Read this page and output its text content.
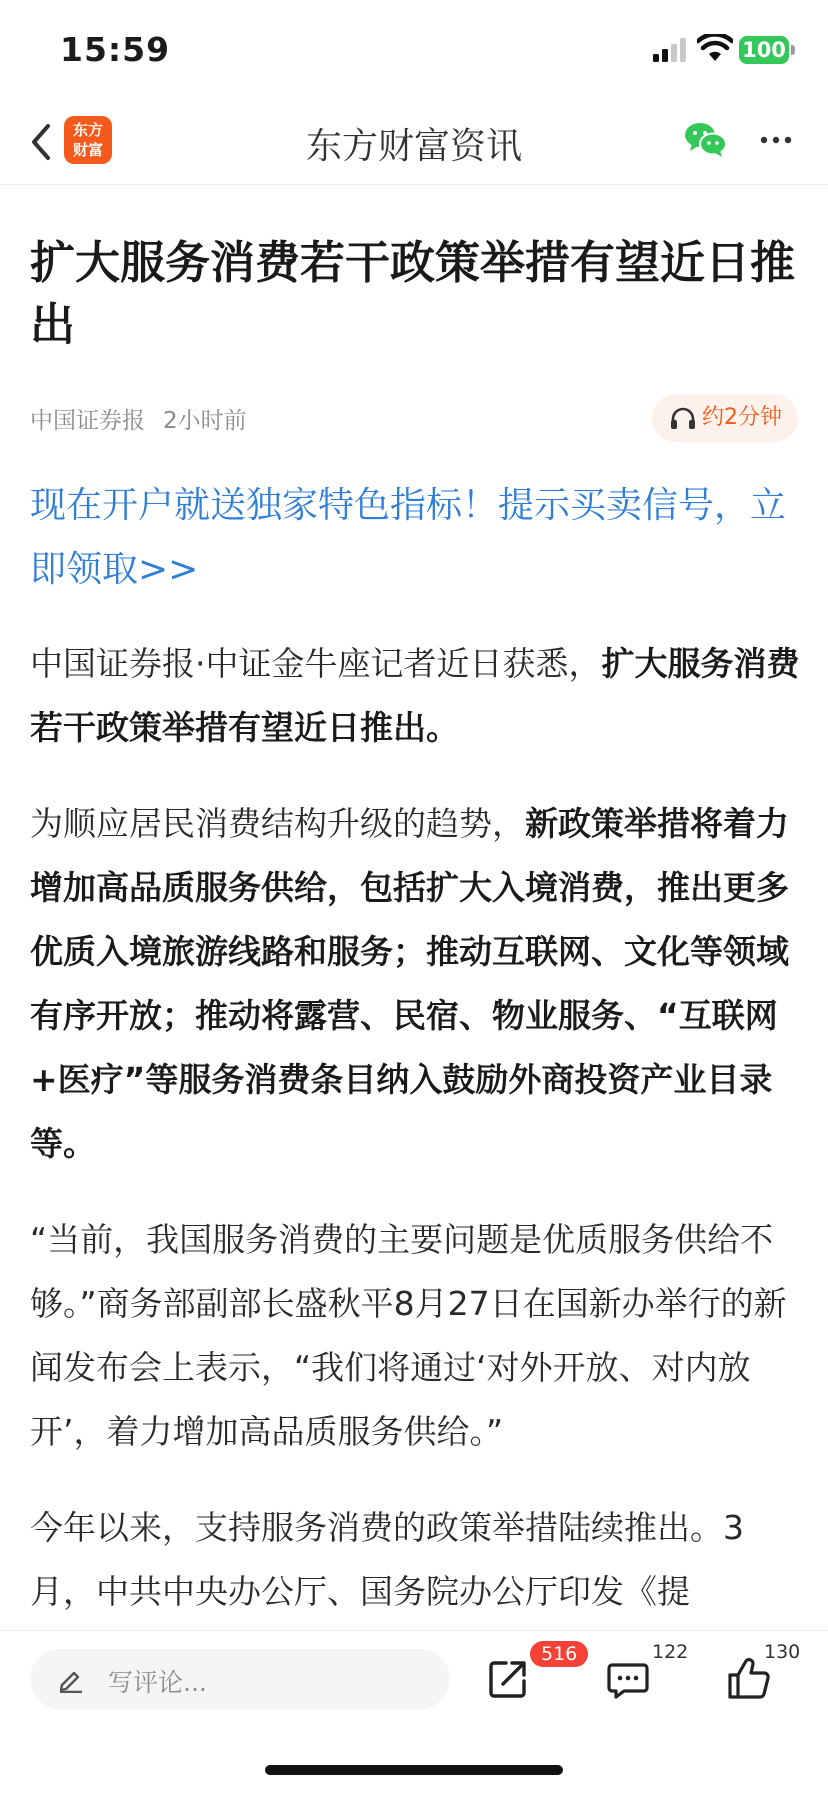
15:59	100
东方
财富	东方财富资讯
扩大服务消费若干政策举措有望近日推出
中国证券报 2小时前	约2分钟

现在开户就送独家特色指标！提示买卖信号，立即领取>>

中国证券报·中证金牛座记者近日获悉，扩大服务消费若干政策举措有望近日推出。

为顺应居民消费结构升级的趋势，新政策举措将着力增加高品质服务供给，包括扩大入境消费，推出更多优质入境旅游线路和服务；推动互联网、文化等领域有序开放；推动将露营、民宿、物业服务、“互联网+医疗”等服务消费条目纳入鼓励外商投资产业目录等。

“当前，我国服务消费的主要问题是优质服务供给不够。”商务部副部长盛秋平8月27日在国新办举行的新闻发布会上表示，“我们将通过‘对外开放、对内放开’，着力增加高品质服务供给。”

今年以来，支持服务消费的政策举措陆续推出。3月，中共中央办公厅、国务院办公厅印发《提

写评论...
516	122	130
